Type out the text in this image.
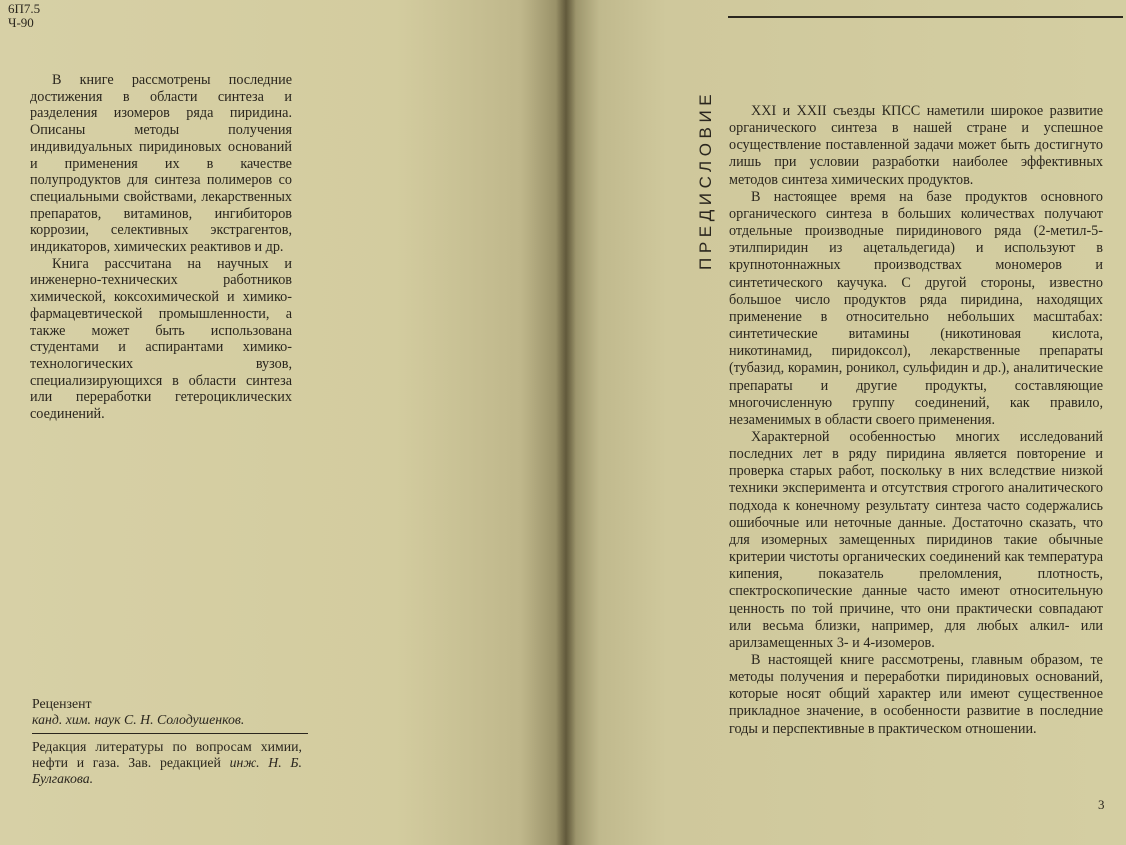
6П7.5
Ч-90

В книге рассмотрены последние достижения в области синтеза и разделения изомеров ряда пиридина. Описаны методы получения индивидуальных пиридиновых оснований и применения их в качестве полупродуктов для синтеза полимеров со специальными свойствами, лекарственных препаратов, витаминов, ингибиторов коррозии, селективных экстрагентов, индикаторов, химических реактивов и др.

Книга рассчитана на научных и инженерно-технических работников химической, коксохимической и химико-фармацевтической промышленности, а также может быть использована студентами и аспирантами химико-технологических вузов, специализирующихся в области синтеза или переработки гетероциклических соединений.

Рецензент
канд. хим. наук С. Н. Солодушенков.
Редакция литературы по вопросам химии, нефти и газа. Зав. редакцией инж. Н. Б. Булгакова.
ПРЕДИСЛОВИЕ	XXI и XXII съезды КПСС наметили широкое развитие органического синтеза в нашей стране и успешное осуществление поставленной задачи может быть достигнуто лишь при условии разработки наиболее эффективных методов синтеза химических продуктов.

В настоящее время на базе продуктов основного органического синтеза в больших количествах получают отдельные производные пиридинового ряда (2-метил-5-этилпиридин из ацетальдегида) и используют в крупнотоннажных производствах мономеров и синтетического каучука. С другой стороны, известно большое число продуктов ряда пиридина, находящих применение в относительно небольших масштабах: синтетические витамины (никотиновая кислота, никотинамид, пиридоксол), лекарственные препараты (тубазид, корамин, роникол, сульфидин и др.), аналитические препараты и другие продукты, составляющие многочисленную группу соединений, как правило, незаменимых в области своего применения.

Характерной особенностью многих исследований последних лет в ряду пиридина является повторение и проверка старых работ, поскольку в них вследствие низкой техники эксперимента и отсутствия строгого аналитического подхода к конечному результату синтеза часто содержались ошибочные или неточные данные. Достаточно сказать, что для изомерных замещенных пиридинов такие обычные критерии чистоты органических соединений как температура кипения, показатель преломления, плотность, спектроскопические данные часто имеют относительную ценность по той причине, что они практически совпадают или весьма близки, например, для любых алкил- или арилзамещенных 3- и 4-изомеров.

В настоящей книге рассмотрены, главным образом, те методы получения и переработки пиридиновых оснований, которые носят общий характер или имеют существенное прикладное значение, в особенности развитие в последние годы и перспективные в практическом отношении.

3
